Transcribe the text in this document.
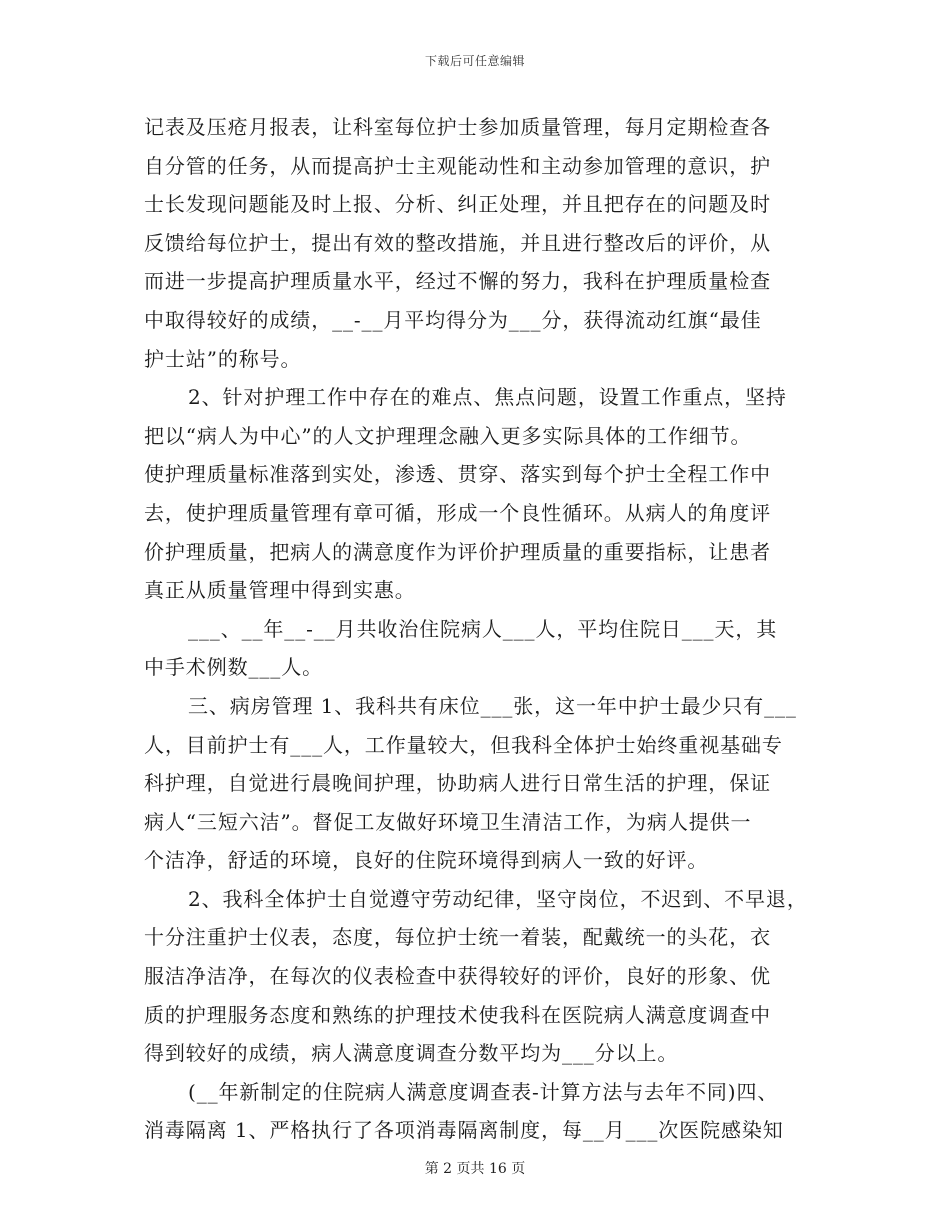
下载后可任意编辑
记表及压疮月报表，让科室每位护士参加质量管理，每月定期检查各
自分管的任务，从而提高护士主观能动性和主动参加管理的意识，护
士长发现问题能及时上报、分析、纠正处理，并且把存在的问题及时
反馈给每位护士，提出有效的整改措施，并且进行整改后的评价，从
而进一步提高护理质量水平，经过不懈的努力，我科在护理质量检查
中取得较好的成绩，__-__月平均得分为___分，获得流动红旗“最佳
护士站”的称号。
2、针对护理工作中存在的难点、焦点问题，设置工作重点，坚持
把以“病人为中心”的人文护理理念融入更多实际具体的工作细节。
使护理质量标准落到实处，渗透、贯穿、落实到每个护士全程工作中
去，使护理质量管理有章可循，形成一个良性循环。从病人的角度评
价护理质量，把病人的满意度作为评价护理质量的重要指标，让患者
真正从质量管理中得到实惠。
___、__年__-__月共收治住院病人___人，平均住院日___天，其
中手术例数___人。
三、病房管理 1、我科共有床位___张，这一年中护士最少只有___
人，目前护士有___人，工作量较大，但我科全体护士始终重视基础专
科护理，自觉进行晨晚间护理，协助病人进行日常生活的护理，保证
病人“三短六洁”。督促工友做好环境卫生清洁工作，为病人提供一
个洁净，舒适的环境，良好的住院环境得到病人一致的好评。
2、我科全体护士自觉遵守劳动纪律，坚守岗位，不迟到、不早退，
十分注重护士仪表，态度，每位护士统一着装，配戴统一的头花，衣
服洁净洁净，在每次的仪表检查中获得较好的评价，良好的形象、优
质的护理服务态度和熟练的护理技术使我科在医院病人满意度调查中
得到较好的成绩，病人满意度调查分数平均为___分以上。
(__年新制定的住院病人满意度调查表-计算方法与去年不同)四、
消毒隔离 1、严格执行了各项消毒隔离制度，每__月___次医院感染知
第 2 页共 16 页
